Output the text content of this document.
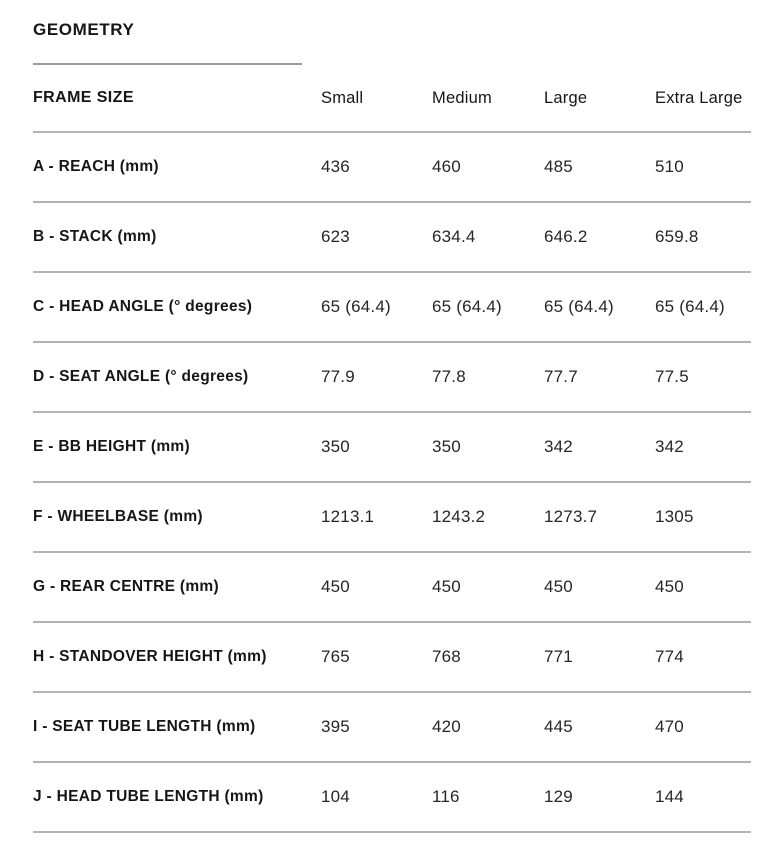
GEOMETRY
FRAME SIZE	Small	Medium	Large	Extra Large
A - REACH (mm)	436	460	485	510
B - STACK (mm)	623	634.4	646.2	659.8
C - HEAD ANGLE (° degrees)	65 (64.4)	65 (64.4)	65 (64.4)	65 (64.4)
D - SEAT ANGLE (° degrees)	77.9	77.8	77.7	77.5
E - BB HEIGHT (mm)	350	350	342	342
F - WHEELBASE (mm)	1213.1	1243.2	1273.7	1305
G - REAR CENTRE (mm)	450	450	450	450
H - STANDOVER HEIGHT (mm)	765	768	771	774
I - SEAT TUBE LENGTH (mm)	395	420	445	470
J - HEAD TUBE LENGTH (mm)	104	116	129	144
